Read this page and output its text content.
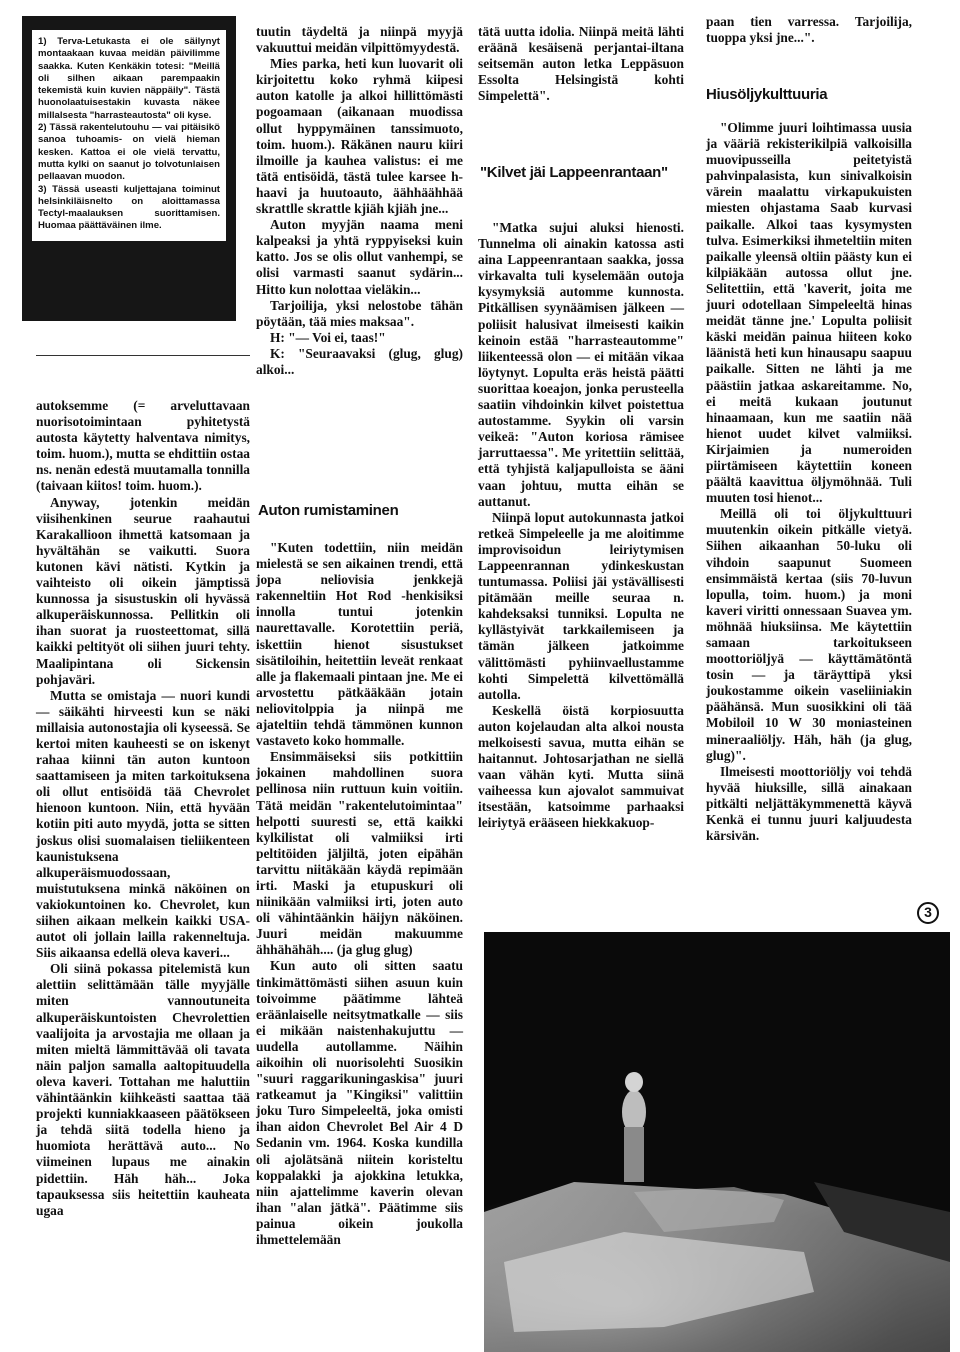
1) Terva-Letukasta ei ole säilynyt montaakaan kuvaa meidän päivilimme saakka. Kuten Kenkäkin totesi: "Meillä oli silhen aikaan parempaakin tekemistä kuin kuvien näppäily". Tästä huonolaatuisestakin kuvasta näkee millalsesta "harrasteautosta" oli kyse.

2) Tässä rakentelutouhu — vai pitäisikö sanoa tuhoamis- on vielä hieman kesken. Kattoa ei ole vielä tervattu, mutta kylki on saanut jo tolvotunlaisen pellaavan muodon.

3) Tässä useasti kuljettajana toiminut helsinkiläisnelto on aloittamassa Tectyl-maalauksen suorittamisen. Huomaa päättäväinen ilme.

autoksemme (= arveluttavaan nuorisotoimintaan pyhitetystä autosta käytetty halventava nimitys, toim. huom.), mutta se ehdittiin ostaa ns. nenän edestä muutamalla tonnilla (taivaan kiitos! toim. huom.).

Anyway, jotenkin meidän viisihenkinen seurue raahautui Karakallioon ihmettä katsomaan ja hyvältähän se vaikutti. Suora kutonen kävi nätisti. Kytkin ja vaihteisto oli oikein jämptissä kunnossa ja sisustuskin oli hyvässä alkuperäiskunnossa. Pellitkin oli ihan suorat ja ruosteettomat, sillä kaikki peltityöt oli siihen juuri tehty. Maalipintana oli Sickensin pohjaväri.

Mutta se omistaja — nuori kundi — säikähti hirveesti kun se näki millaisia autonostajia oli kyseessä. Se kertoi miten kauheesti se on iskenyt rahaa kiinni tän auton kuntoon saattamiseen ja miten tarkoituksena oli ollut entisöidä tää Chevrolet hienoon kuntoon. Niin, että hyvään kotiin piti auto myydä, jotta se sitten joskus olisi suomalaisen tieliikenteen kaunistuksena alkuperäismuodossaan, muistutuksena minkä näköinen on vakiokuntoinen ko. Chevrolet, kun siihen aikaan melkein kaikki USA-autot oli jollain lailla rakenneltuja. Siis aikaansa edellä oleva kaveri...

Oli siinä pokassa pitelemistä kun alettiin selittämään tälle myyjälle miten vannoutuneita alkuperäiskuntoisten Chevrolettien vaalijoita ja arvostajia me ollaan ja miten mieltä lämmittävää oli tavata näin paljon samalla aaltopituudella oleva kaveri. Tottahan me haluttiin vähintäänkin kiihkeästi saattaa tää projekti kunniakkaaseen päätökseen ja tehdä siitä todella hieno ja huomiota herättävä auto... No viimeinen lupaus me ainakin pidettiin. Häh häh... Joka tapauksessa siis heitettiin kauheata ugaa

tuutin täydeltä ja niinpä myyjä vakuuttui meidän vilpittömyydestä.

Mies parka, heti kun luovarit oli kirjoitettu koko ryhmä kiipesi auton katolle ja alkoi hillittömästi pogoamaan (aikanaan muodissa ollut hyppymäinen tanssimuoto, toim. huom.). Räkänen nauru kiiri ilmoille ja kauhea valistus: ei me tätä entisöidä, tästä tulee karsee h-haavi ja huutoauto, äähhäähhää skrattlle skrattle kjiäh kjiäh jne...

Auton myyjän naama meni kalpeaksi ja yhtä ryppyiseksi kuin katto. Jos se olis ollut vanhempi, se olisi varmasti saanut sydärin... Hitto kun nolottaa vieläkin...

Tarjoilija, yksi nelostobe tähän pöytään, tää mies maksaa".

H: "— Voi ei, taas!"

K: "Seuraavaksi (glug, glug) alkoi...

Auton rumistaminen

"Kuten todettiin, niin meidän mielestä se sen aikainen trendi, että jopa neliovisia jenkkejä rakenneltiin Hot Rod -henkisiksi innolla tuntui jotenkin naurettavalle. Korotettiin periä, iskettiin hienot sisustukset sisätiloihin, heitettiin leveät renkaat alle ja flakemaali pintaan jne. Me ei arvostettu pätkääkään jotain neliovitolppia ja niinpä me ajateltiin tehdä tämmönen kunnon vastaveto koko hommalle.

Ensimmäiseksi siis potkittiin jokainen mahdollinen suora pellinosa niin ruttuun kuin voitiin. Tätä meidän "rakentelutoimintaa" helpotti suuresti se, että kaikki kylkilistat oli valmiiksi irti peltitöiden jäljiltä, joten eipähän tarvittu niitäkään käydä repimään irti. Maski ja etupuskuri oli niinikään valmiiksi irti, joten auto oli vähintäänkin häijyn näköinen. Juuri meidän makuumme ähhähähäh.... (ja glug glug)

Kun auto oli sitten saatu tinkimättömästi siihen asuun kuin toivoimme päätimme lähteä eräänlaiselle neitsytmatkalle — siis ei mikään naistenhakujuttu — uudella autollamme. Näihin aikoihin oli nuorisolehti Suosikin "suuri raggarikuningaskisa" juuri ratkeamut ja "Kingiksi" valittiin joku Turo Simpeleeltä, joka omisti ihan aidon Chevrolet Bel Air 4 D Sedanin vm. 1964. Koska kundilla oli ajolätsänä niitein koristeltu koppalakki ja ajokkina letukka, niin ajattelimme kaverin olevan ihan "alan jätkä". Päätimme siis painua oikein joukolla ihmettelemään

tätä uutta idolia. Niinpä meitä lähti eräänä kesäisenä perjantai-iltana seitsemän auton letka Leppäsuon Essolta Helsingistä kohti Simpelettä".

"Kilvet jäi Lappeenrantaan"

"Matka sujui aluksi hienosti. Tunnelma oli ainakin katossa asti aina Lappeenrantaan saakka, jossa virkavalta tuli kyselemään outoja kysymyksiä automme kunnosta. Pitkällisen syynäämisen jälkeen — poliisit halusivat ilmeisesti kaikin keinoin estää "harrasteautomme" liikenteessä olon — ei mitään vikaa löytynyt. Lopulta eräs heistä päätti suorittaa koeajon, jonka perusteella saatiin vihdoinkin kilvet poistettua autostamme. Syykin oli varsin veikeä: "Auton koriosa rämisee jarruttaessa". Me yritettiin selittää, että tyhjistä kaljapulloista se ääni vaan johtuu, mutta eihän se auttanut.

Niinpä loput autokunnasta jatkoi retkeä Simpeleelle ja me aloitimme improvisoidun leiriytymisen Lappeenrannan ydinkeskustan tuntumassa. Poliisi jäi ystävällisesti pitämään meille seuraa n. kahdeksaksi tunniksi. Lopulta ne kyllästyivät tarkkailemiseen ja tämän jälkeen jatkoimme välittömästi pyhiinvaellustamme kohti Simpelettä kilvettömällä autolla.

Keskellä öistä korpiosuutta auton kojelaudan alta alkoi nousta melkoisesti savua, mutta eihän se haitannut. Johtosarjathan ne siellä vaan vähän kyti. Mutta siinä vaiheessa kun ajovalot sammuivat itsestään, katsoimme parhaaksi leiriytyä erääseen hiekkakuop-

paan tien varressa. Tarjoilija, tuoppa yksi jne...".

Hiusöljykulttuuria

"Olimme juuri loihtimassa uusia ja vääriä rekisterikilpiä valkoisilla muovipusseilla peitetyistä pahvinpalasista, kun sinivalkoisin värein maalattu virkapukuisten miesten ohjastama Saab kurvasi paikalle. Alkoi taas kysymysten tulva. Esimerkiksi ihmeteltiin miten paikalle yleensä oltiin päästy kun ei kilpiäkään autossa ollut jne. Selitettiin, että 'kaverit, joita me juuri odotellaan Simpeleeltä hinas meidät tänne jne.' Lopulta poliisit käski meidän painua hiiteen koko läänistä heti kun hinausapu saapuu paikalle. Sitten ne lähti ja me päästiin jatkaa askareitamme. No, ei meitä kukaan joutunut hinaamaan, kun me saatiin nää hienot uudet kilvet valmiiksi. Kirjaimien ja numeroiden piirtämiseen käytettiin koneen päältä kaavittua öljymöhnää. Tuli muuten tosi hienot...

Meillä oli toi öljykulttuuri muutenkin oikein pitkälle vietyä. Siihen aikaanhan 50-luku oli vihdoin saapunut Suomeen ensimmäistä kertaa (siis 70-luvun lopulla, toim. huom.) ja moni kaveri viritti onnessaan Suavea ym. möhnää hiuksiinsa. Me käytettiin samaan tarkoitukseen moottoriöljyä — käyttämätöntä tosin — ja täräyttipä yksi joukostamme oikein vaseliiniakin päähänsä. Mun suosikkini oli tää Mobiloil 10 W 30 moniasteinen mineraaliöljy. Häh, häh (ja glug, glug)".

Ilmeisesti moottoriöljy voi tehdä hyvää hiuksille, sillä ainakaan pitkälti neljättäkymmenettä käyvä Kenkä ei tunnu juuri kaljuudesta kärsivän.

3
